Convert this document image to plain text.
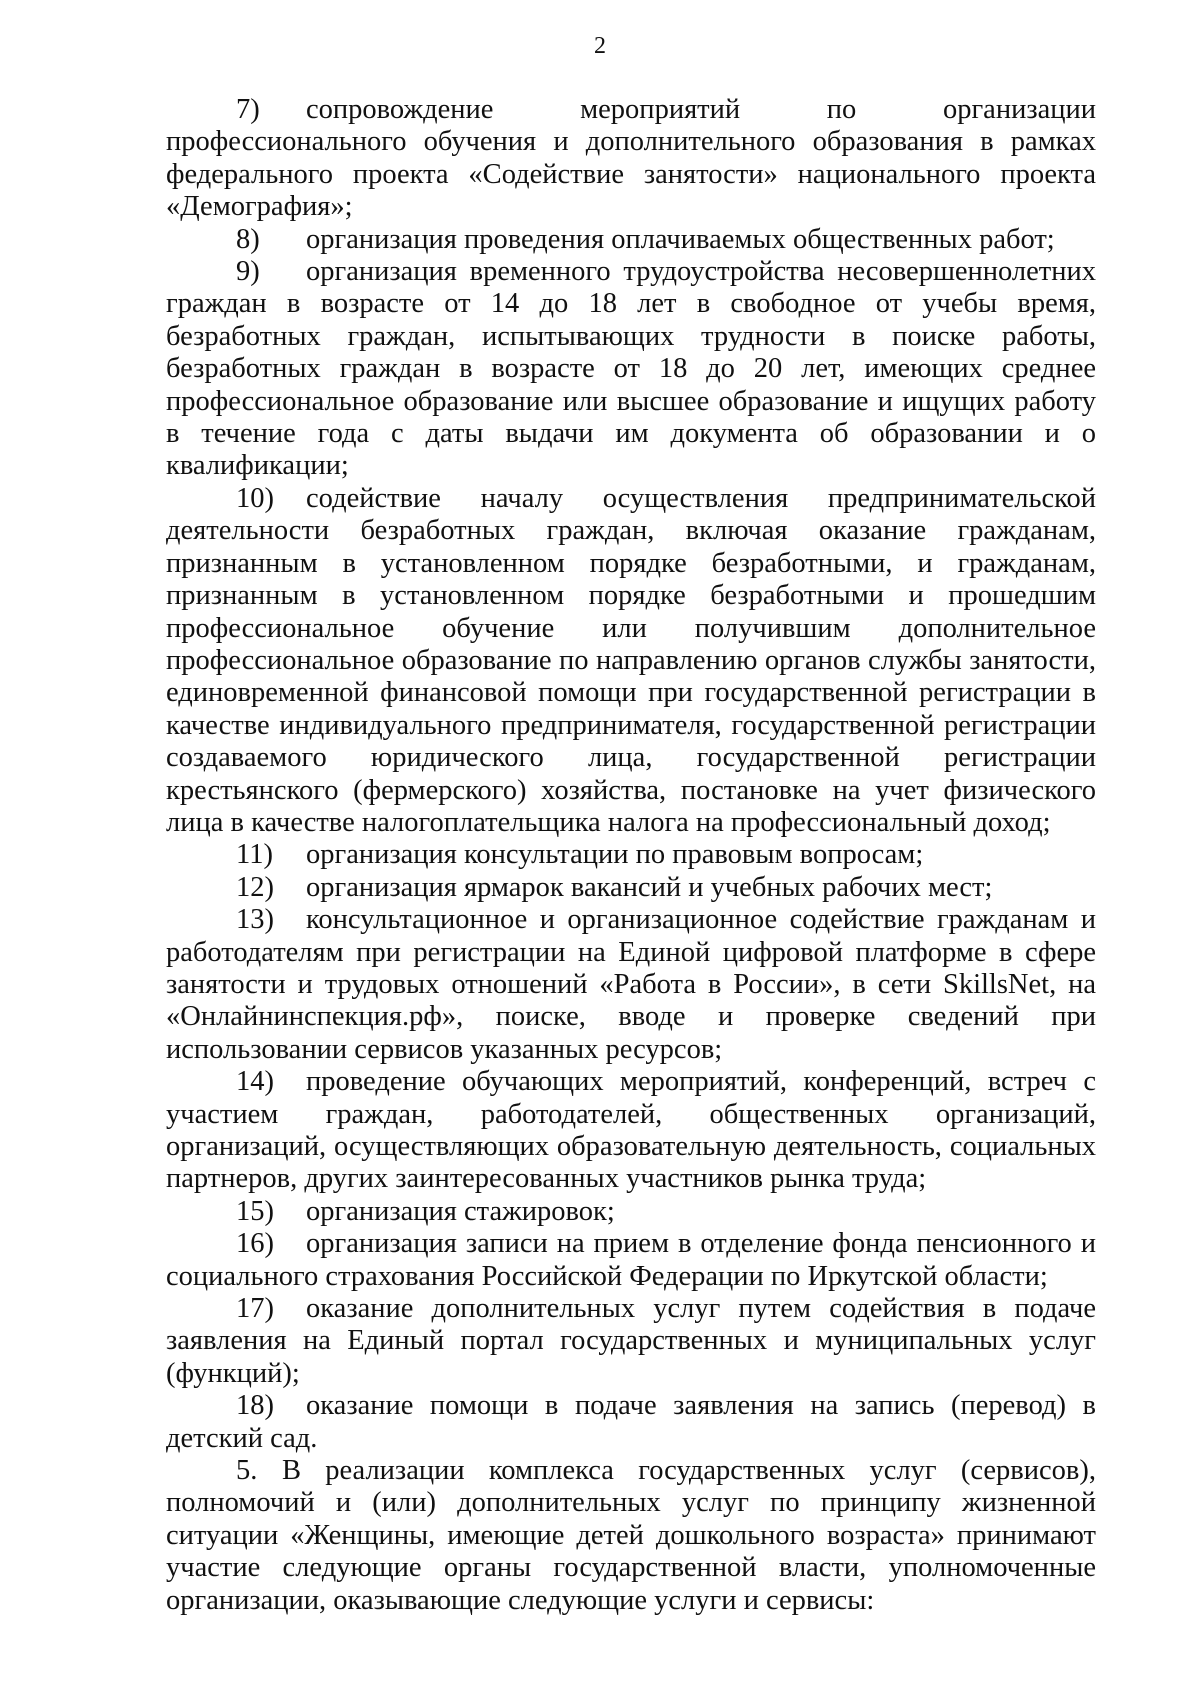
2

7) сопровождение мероприятий по организации профессионального обучения и дополнительного образования в рамках федерального проекта «Содействие занятости» национального проекта «Демография»;

8) организация проведения оплачиваемых общественных работ;

9) организация временного трудоустройства несовершеннолетних граждан в возрасте от 14 до 18 лет в свободное от учебы время, безработных граждан, испытывающих трудности в поиске работы, безработных граждан в возрасте от 18 до 20 лет, имеющих среднее профессиональное образование или высшее образование и ищущих работу в течение года с даты выдачи им документа об образовании и о квалификации;

10) содействие началу осуществления предпринимательской деятельности безработных граждан, включая оказание гражданам, признанным в установленном порядке безработными, и гражданам, признанным в установленном порядке безработными и прошедшим профессиональное обучение или получившим дополнительное профессиональное образование по направлению органов службы занятости, единовременной финансовой помощи при государственной регистрации в качестве индивидуального предпринимателя, государственной регистрации создаваемого юридического лица, государственной регистрации крестьянского (фермерского) хозяйства, постановке на учет физического лица в качестве налогоплательщика налога на профессиональный доход;

11) организация консультации по правовым вопросам;

12) организация ярмарок вакансий и учебных рабочих мест;

13) консультационное и организационное содействие гражданам и работодателям при регистрации на Единой цифровой платформе в сфере занятости и трудовых отношений «Работа в России», в сети SkillsNet, на «Онлайнинспекция.рф», поиске, вводе и проверке сведений при использовании сервисов указанных ресурсов;

14) проведение обучающих мероприятий, конференций, встреч с участием граждан, работодателей, общественных организаций, организаций, осуществляющих образовательную деятельность, социальных партнеров, других заинтересованных участников рынка труда;

15) организация стажировок;

16) организация записи на прием в отделение фонда пенсионного и социального страхования Российской Федерации по Иркутской области;

17) оказание дополнительных услуг путем содействия в подаче заявления на Единый портал государственных и муниципальных услуг (функций);

18) оказание помощи в подаче заявления на запись (перевод) в детский сад.

5. В реализации комплекса государственных услуг (сервисов), полномочий и (или) дополнительных услуг по принципу жизненной ситуации «Женщины, имеющие детей дошкольного возраста» принимают участие следующие органы государственной власти, уполномоченные организации, оказывающие следующие услуги и сервисы:
